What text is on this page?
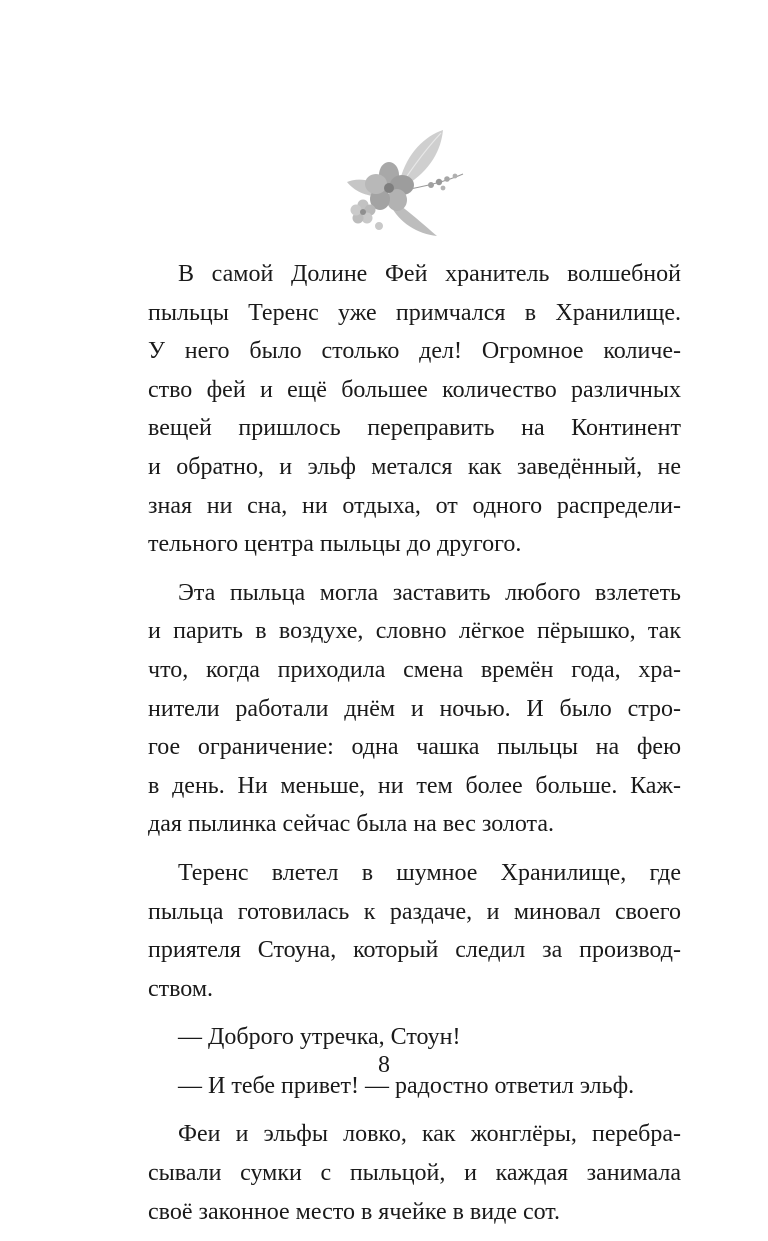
В самой Долине Фей хранитель волшебной
пыльцы Теренс уже примчался в Хранилище.
У него было столько дел! Огромное количе-
ство фей и ещё большее количество различных
вещей пришлось переправить на Континент
и обратно, и эльф метался как заведённый, не
зная ни сна, ни отдыха, от одного распредели-
тельного центра пыльцы до другого.
Эта пыльца могла заставить любого взлететь
и парить в воздухе, словно лёгкое пёрышко, так
что, когда приходила смена времён года, хра-
нители работали днём и ночью. И было стро-
гое ограничение: одна чашка пыльцы на фею
в день. Ни меньше, ни тем более больше. Каж-
дая пылинка сейчас была на вес золота.
Теренс влетел в шумное Хранилище, где
пыльца готовилась к раздаче, и миновал своего
приятеля Стоуна, который следил за производ-
ством.
— Доброго утречка, Стоун!
— И тебе привет! — радостно ответил эльф.
Феи и эльфы ловко, как жонглёры, перебра-
сывали сумки с пыльцой, и каждая занимала
своё законное место в ячейке в виде сот.
8
